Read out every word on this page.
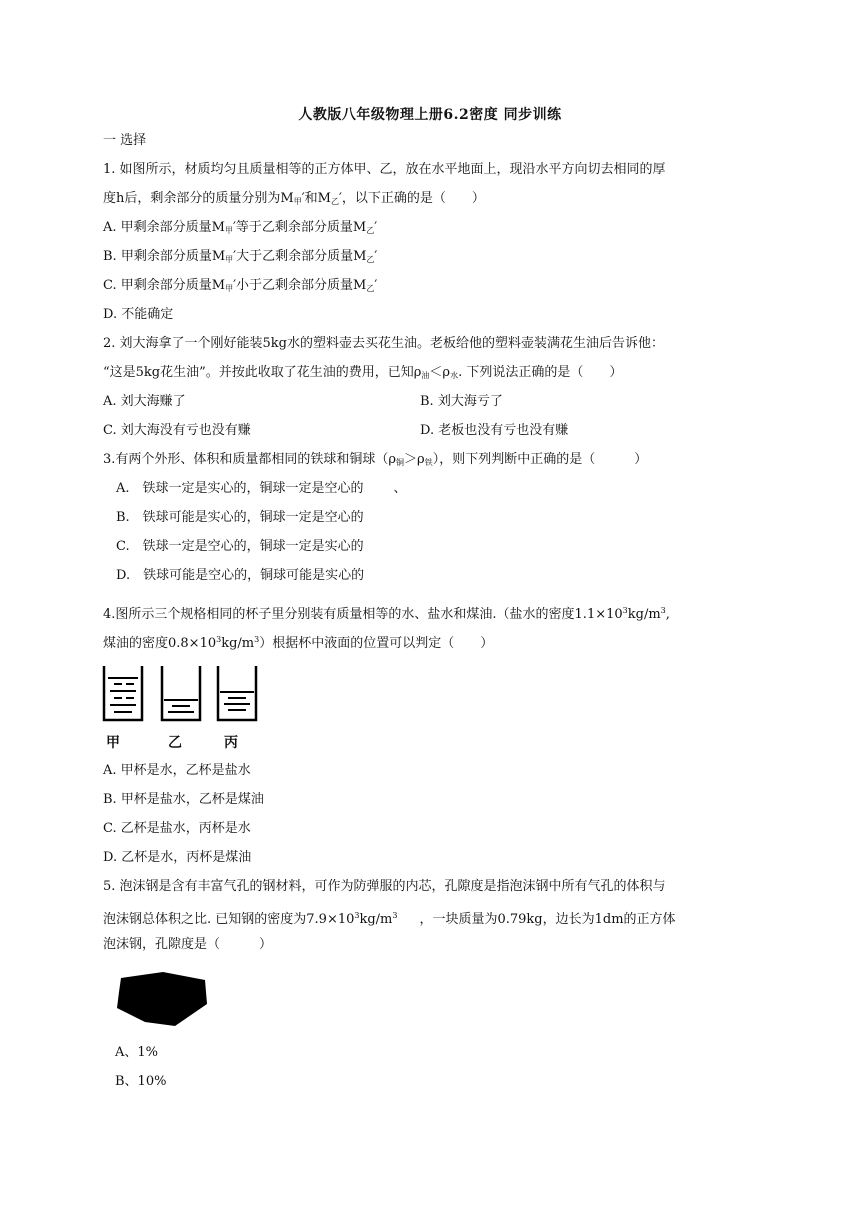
人教版八年级物理上册6.2密度 同步训练
一 选择
1. 如图所示，材质均匀且质量相等的正方体甲、乙，放在水平地面上，现沿水平方向切去相同的厚
度h后，剩余部分的质量分别为$M_甲'$和$M_乙'$，以下正确的是（　　）
A. 甲剩余部分质量$M_甲'$等于乙剩余部分质量$M_乙'$
B. 甲剩余部分质量$M_甲'$大于乙剩余部分质量$M_乙'$
C. 甲剩余部分质量$M_甲'$小于乙剩余部分质量$M_乙'$
D. 不能确定
2. 刘大海拿了一个刚好能装5kg水的塑料壶去买花生油。老板给他的塑料壶装满花生油后告诉他：
“这是5kg花生油”。并按此收取了花生油的费用，已知$\rho_油<\rho_水$. 下列说法正确的是（　　）
A. 刘大海赚了	B. 刘大海亏了
C. 刘大海没有亏也没有赚	D. 老板也没有亏也没有赚
3.有两个外形、体积和质量都相同的铁球和铜球$(\rho_铜>\rho_铁)$，则下列判断中正确的是（　　　）
A.　铁球一定是实心的，铜球一定是空心的 、
B.　铁球可能是实心的，铜球一定是空心的
C.　铁球一定是空心的，铜球一定是实心的
D.　铁球可能是空心的，铜球可能是实心的
4.图所示三个规格相同的杯子里分别装有质量相等的水、盐水和煤油.（盐水的密度$1.1\times 10^3kg/m^3$,
煤油的密度$0.8\times 10^3kg/m^3$）根据杯中液面的位置可以判定（　　）
甲	乙	丙
A. 甲杯是水，乙杯是盐水
B. 甲杯是盐水，乙杯是煤油
C. 乙杯是盐水，丙杯是水
D. 乙杯是水，丙杯是煤油
5. 泡沫钢是含有丰富气孔的钢材料，可作为防弹服的内芯，孔隙度是指泡沫钢中所有气孔的体积与
泡沫钢总体积之比. 已知钢的密度为$7.9\times 10^3kg/m^3$ ，一块质量为0.79kg，边长为1dm的正方体
泡沫钢，孔隙度是（　　　）
A、1%
B、10%
